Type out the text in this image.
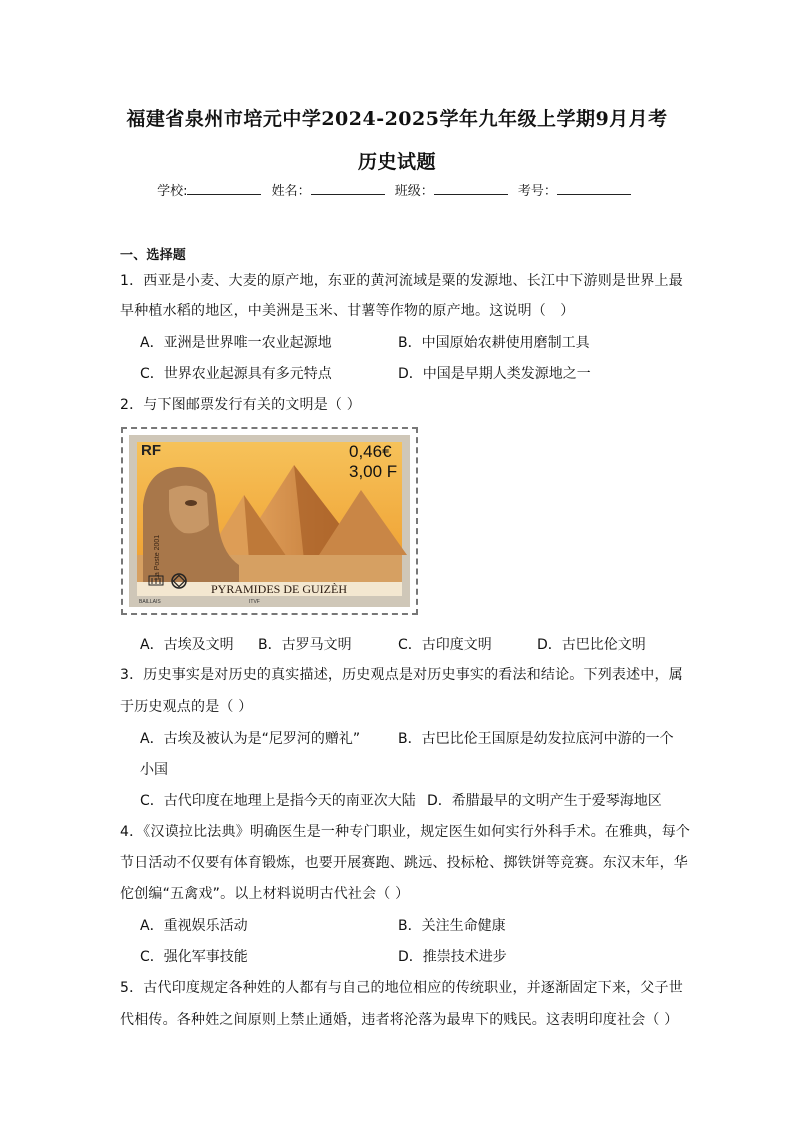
福建省泉州市培元中学2024-2025学年九年级上学期9月月考
历史试题
学校:	姓名：	班级：	考号：
一、选择题
1．西亚是小麦、大麦的原产地，东亚的黄河流域是粟的发源地、长江中下游则是世界上最
早种植水稻的地区，中美洲是玉米、甘薯等作物的原产地。这说明（　）
A．亚洲是世界唯一农业起源地	B．中国原始农耕使用磨制工具
C．世界农业起源具有多元特点	D．中国是早期人类发源地之一
2．与下图邮票发行有关的文明是（ ）
RF	0,46€
3,00 F
PYRAMIDES DE GUIZÈH
BAILLAIS	ITVF
La Poste 2001
A．古埃及文明 B．古罗马文明	C．古印度文明	D．古巴比伦文明
3．历史事实是对历史的真实描述，历史观点是对历史事实的看法和结论。下列表述中，属
于历史观点的是（ ）
A．古埃及被认为是“尼罗河的赠礼”	B．古巴比伦王国原是幼发拉底河中游的一个
小国
C．古代印度在地理上是指今天的南亚次大陆 D．希腊最早的文明产生于爱琴海地区
4．《汉谟拉比法典》明确医生是一种专门职业，规定医生如何实行外科手术。在雅典，每个
节日活动不仅要有体育锻炼，也要开展赛跑、跳远、投标枪、掷铁饼等竞赛。东汉末年，华
佗创编“五禽戏”。以上材料说明古代社会（ ）
A．重视娱乐活动	B．关注生命健康
C．强化军事技能	D．推崇技术进步
5．古代印度规定各种姓的人都有与自己的地位相应的传统职业，并逐渐固定下来，父子世
代相传。各种姓之间原则上禁止通婚，违者将沦落为最卑下的贱民。这表明印度社会（ ）
